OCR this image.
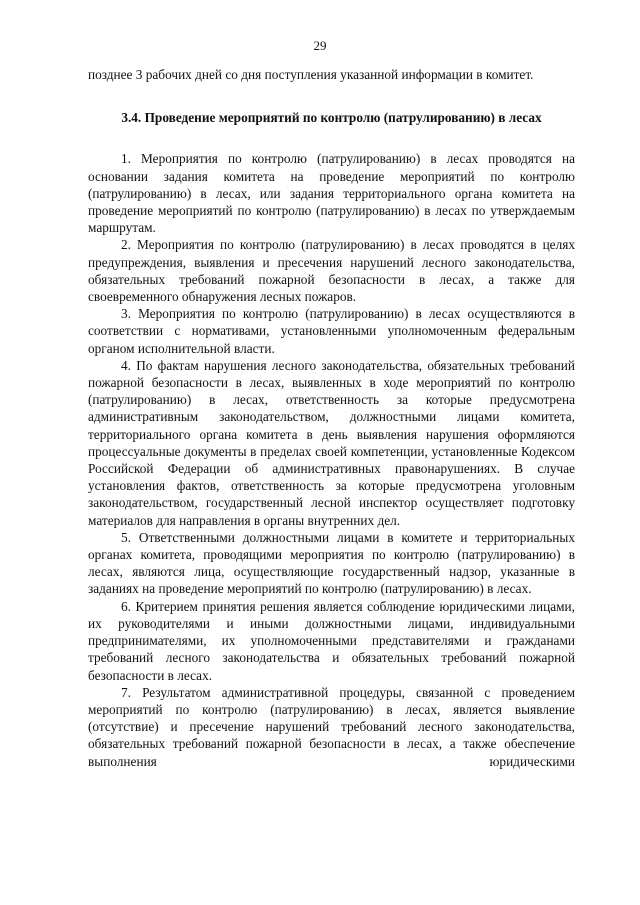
29

позднее 3 рабочих дней со дня поступления указанной информации в комитет.

3.4. Проведение мероприятий по контролю (патрулированию) в лесах

1. Мероприятия по контролю (патрулированию) в лесах проводятся на основании задания комитета на проведение мероприятий по контролю (патрулированию) в лесах, или задания территориального органа комитета на проведение мероприятий по контролю (патрулированию) в лесах по утверждаемым маршрутам.

2. Мероприятия по контролю (патрулированию) в лесах проводятся в целях предупреждения, выявления и пресечения нарушений лесного законодательства, обязательных требований пожарной безопасности в лесах, а также для своевременного обнаружения лесных пожаров.

3. Мероприятия по контролю (патрулированию) в лесах осуществляются в соответствии с нормативами, установленными уполномоченным федеральным органом исполнительной власти.

4. По фактам нарушения лесного законодательства, обязательных требований пожарной безопасности в лесах, выявленных в ходе мероприятий по контролю (патрулированию) в лесах, ответственность за которые предусмотрена административным законодательством, должностными лицами комитета, территориального органа комитета в день выявления нарушения оформляются процессуальные документы в пределах своей компетенции, установленные Кодексом Российской Федерации об административных правонарушениях. В случае установления фактов, ответственность за которые предусмотрена уголовным законодательством, государственный лесной инспектор осуществляет подготовку материалов для направления в органы внутренних дел.

5. Ответственными должностными лицами в комитете и территориальных органах комитета, проводящими мероприятия по контролю (патрулированию) в лесах, являются лица, осуществляющие государственный надзор, указанные в заданиях на проведение мероприятий по контролю (патрулированию) в лесах.

6. Критерием принятия решения является соблюдение юридическими лицами, их руководителями и иными должностными лицами, индивидуальными предпринимателями, их уполномоченными представителями и гражданами требований лесного законодательства и обязательных требований пожарной безопасности в лесах.

7. Результатом административной процедуры, связанной с проведением мероприятий по контролю (патрулированию) в лесах, является выявление (отсутствие) и пресечение нарушений требований лесного законодательства, обязательных требований пожарной безопасности в лесах, а также обеспечение выполнения юридическими
